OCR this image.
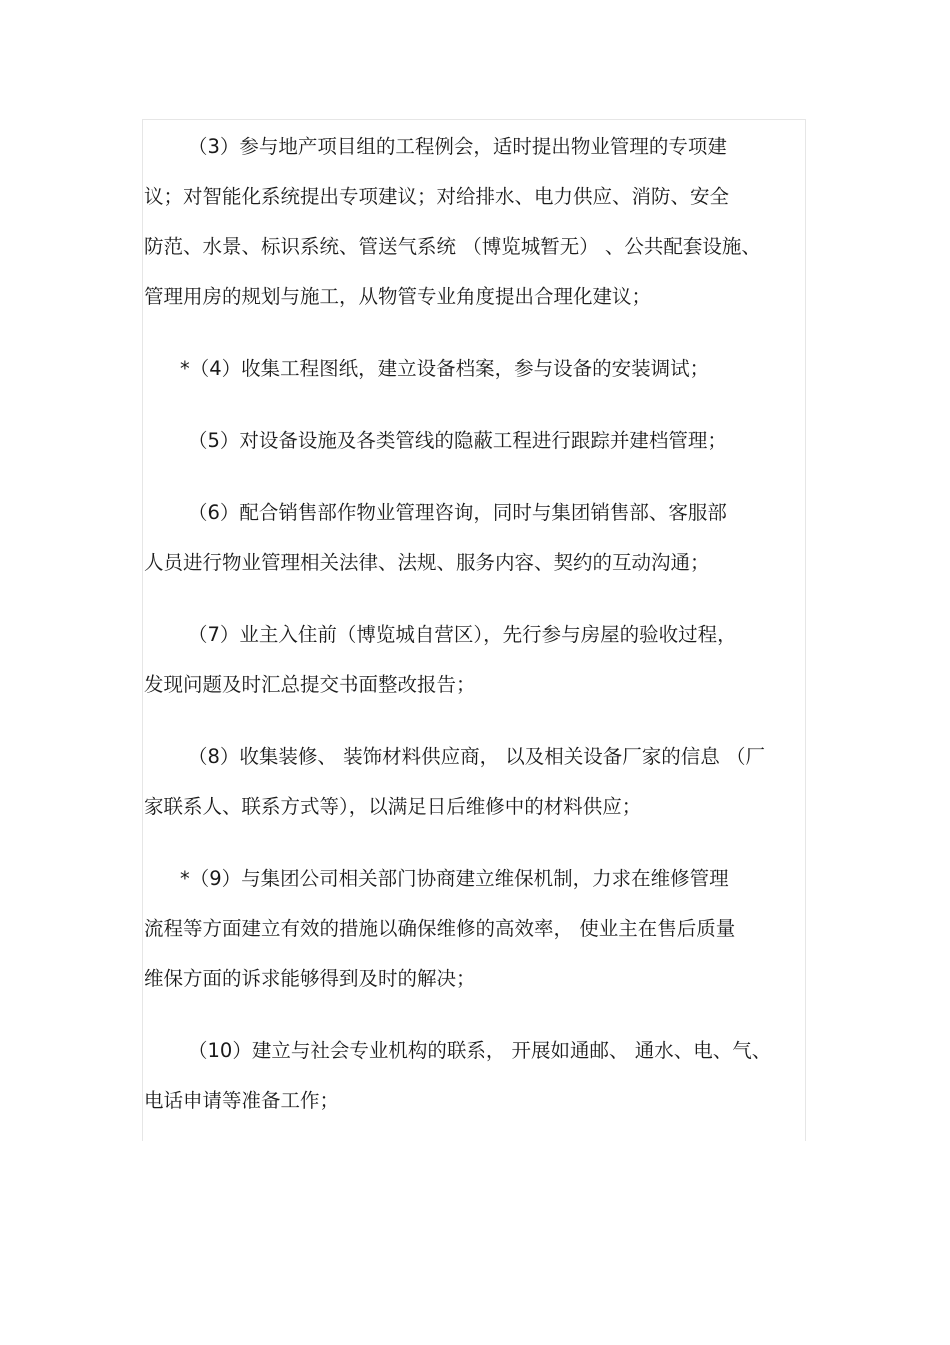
（3）参与地产项目组的工程例会，适时提出物业管理的专项建
议；对智能化系统提出专项建议；对给排水、电力供应、消防、安全
防范、水景、标识系统、管送气系统 （博览城暂无） 、公共配套设施、
管理用房的规划与施工，从物管专业角度提出合理化建议；
*（4）收集工程图纸，建立设备档案，参与设备的安装调试；
（5）对设备设施及各类管线的隐蔽工程进行跟踪并建档管理；
（6）配合销售部作物业管理咨询，同时与集团销售部、客服部
人员进行物业管理相关法律、法规、服务内容、契约的互动沟通；
（7）业主入住前（博览城自营区），先行参与房屋的验收过程，
发现问题及时汇总提交书面整改报告；
（8）收集装修、 装饰材料供应商， 以及相关设备厂家的信息 （厂
家联系人、联系方式等），以满足日后维修中的材料供应；
*（9）与集团公司相关部门协商建立维保机制，力求在维修管理
流程等方面建立有效的措施以确保维修的高效率， 使业主在售后质量
维保方面的诉求能够得到及时的解决；
（10）建立与社会专业机构的联系， 开展如通邮、 通水、电、气、
电话申请等准备工作；
